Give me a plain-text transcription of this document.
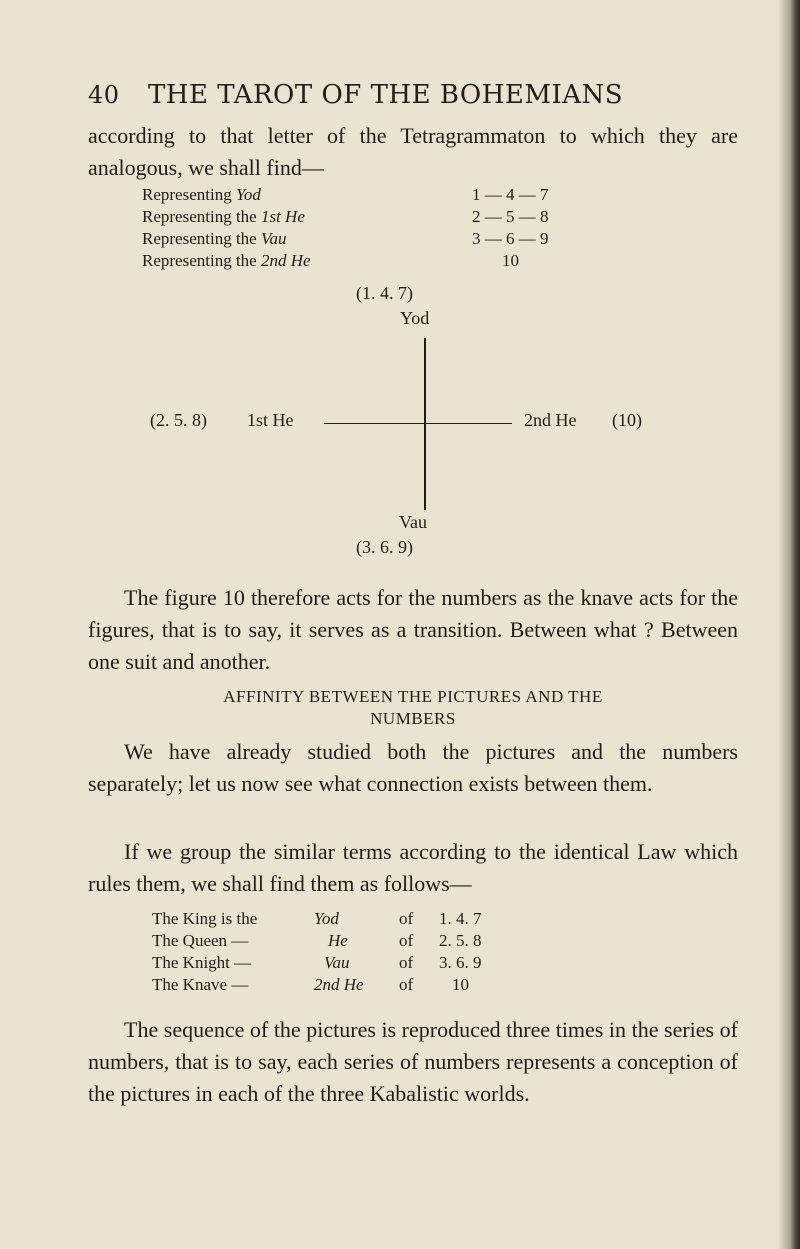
40 THE TAROT OF THE BOHEMIANS
according to that letter of the Tetragrammaton to which they are analogous, we shall find—
Representing Yod	1 — 4 — 7
Representing the 1st He	2 — 5 — 8
Representing the Vau	3 — 6 — 9
Representing the 2nd He	10
(1. 4. 7)
Yod
(2. 5. 8) 1st He	2nd He (10)
Vau
(3. 6. 9)
The figure 10 therefore acts for the numbers as the knave acts for the figures, that is to say, it serves as a transition. Between what ? Between one suit and another.
AFFINITY BETWEEN THE PICTURES AND THE
NUMBERS
We have already studied both the pictures and the numbers separately; let us now see what connection exists between them.
If we group the similar terms according to the identical Law which rules them, we shall find them as follows—
The King is the	Yod	of 1. 4. 7
The Queen —	He	of 2. 5. 8
The Knight —	Vau	of 3. 6. 9
The Knave —	2nd He of 10
The sequence of the pictures is reproduced three times in the series of numbers, that is to say, each series of numbers represents a conception of the pictures in each of the three Kabalistic worlds.
